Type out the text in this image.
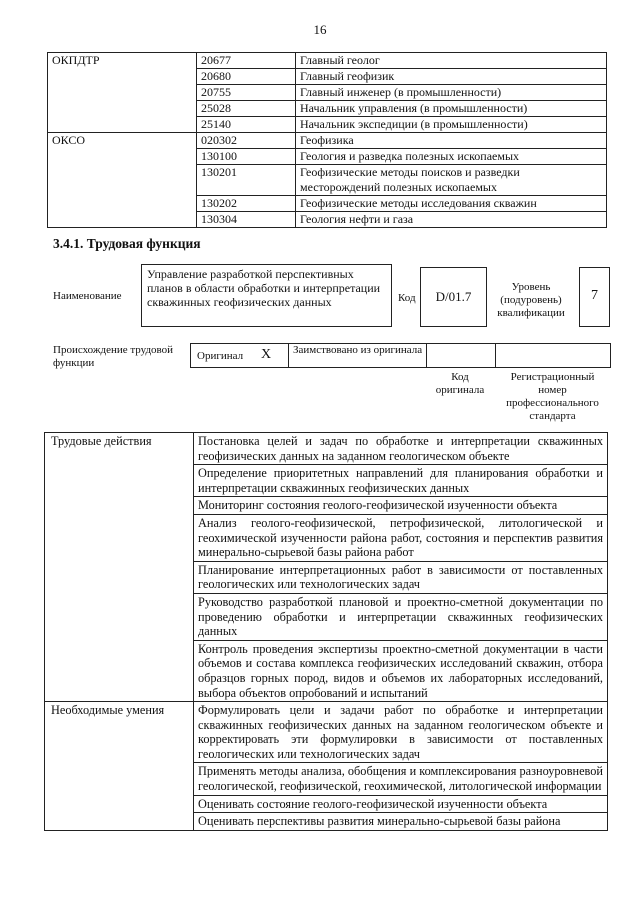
16
ОКПДТР	20677	Главный геолог
	20680	Главный геофизик
	20755	Главный инженер (в промышленности)
	25028	Начальник управления (в промышленности)
	25140	Начальник экспедиции (в промышленности)
ОКСО	020302	Геофизика
	130100	Геология и разведка полезных ископаемых
	130201	Геофизические методы поисков и разведки месторождений полезных ископаемых
	130202	Геофизические методы исследования скважин
	130304	Геология нефти и газа
3.4.1. Трудовая функция
Наименование
Управление разработкой перспективных планов в области обработки и интерпретации скважинных геофизических данных	Код	D/01.7
Уровень (подуровень) квалификации
7
Происхождение трудовой функции
Оригинал X Заимствовано из оригинала
Код оригинала
Регистрационный номер профессионального стандарта
Трудовые действия	Постановка целей и задач по обработке и интерпретации скважинных геофизических данных на заданном геологическом объекте
	Определение приоритетных направлений для планирования обработки и интерпретации скважинных геофизических данных
	Мониторинг состояния геолого-геофизической изученности объекта
	Анализ геолого-геофизической, петрофизической, литологической и геохимической изученности района работ, состояния и перспектив развития минерально-сырьевой базы района работ
	Планирование интерпретационных работ в зависимости от поставленных геологических или технологических задач
	Руководство разработкой плановой и проектно-сметной документации по проведению обработки и интерпретации скважинных геофизических данных
	Контроль проведения экспертизы проектно-сметной документации в части объемов и состава комплекса геофизических исследований скважин, отбора образцов горных пород, видов и объемов их лабораторных исследований, выбора объектов опробований и испытаний
Необходимые умения	Формулировать цели и задачи работ по обработке и интерпретации скважинных геофизических данных на заданном геологическом объекте и корректировать эти формулировки в зависимости от поставленных геологических или технологических задач
	Применять методы анализа, обобщения и комплексирования разноуровневой геологической, геофизической, геохимической, литологической информации
	Оценивать состояние геолого-геофизической изученности объекта
	Оценивать перспективы развития минерально-сырьевой базы района
